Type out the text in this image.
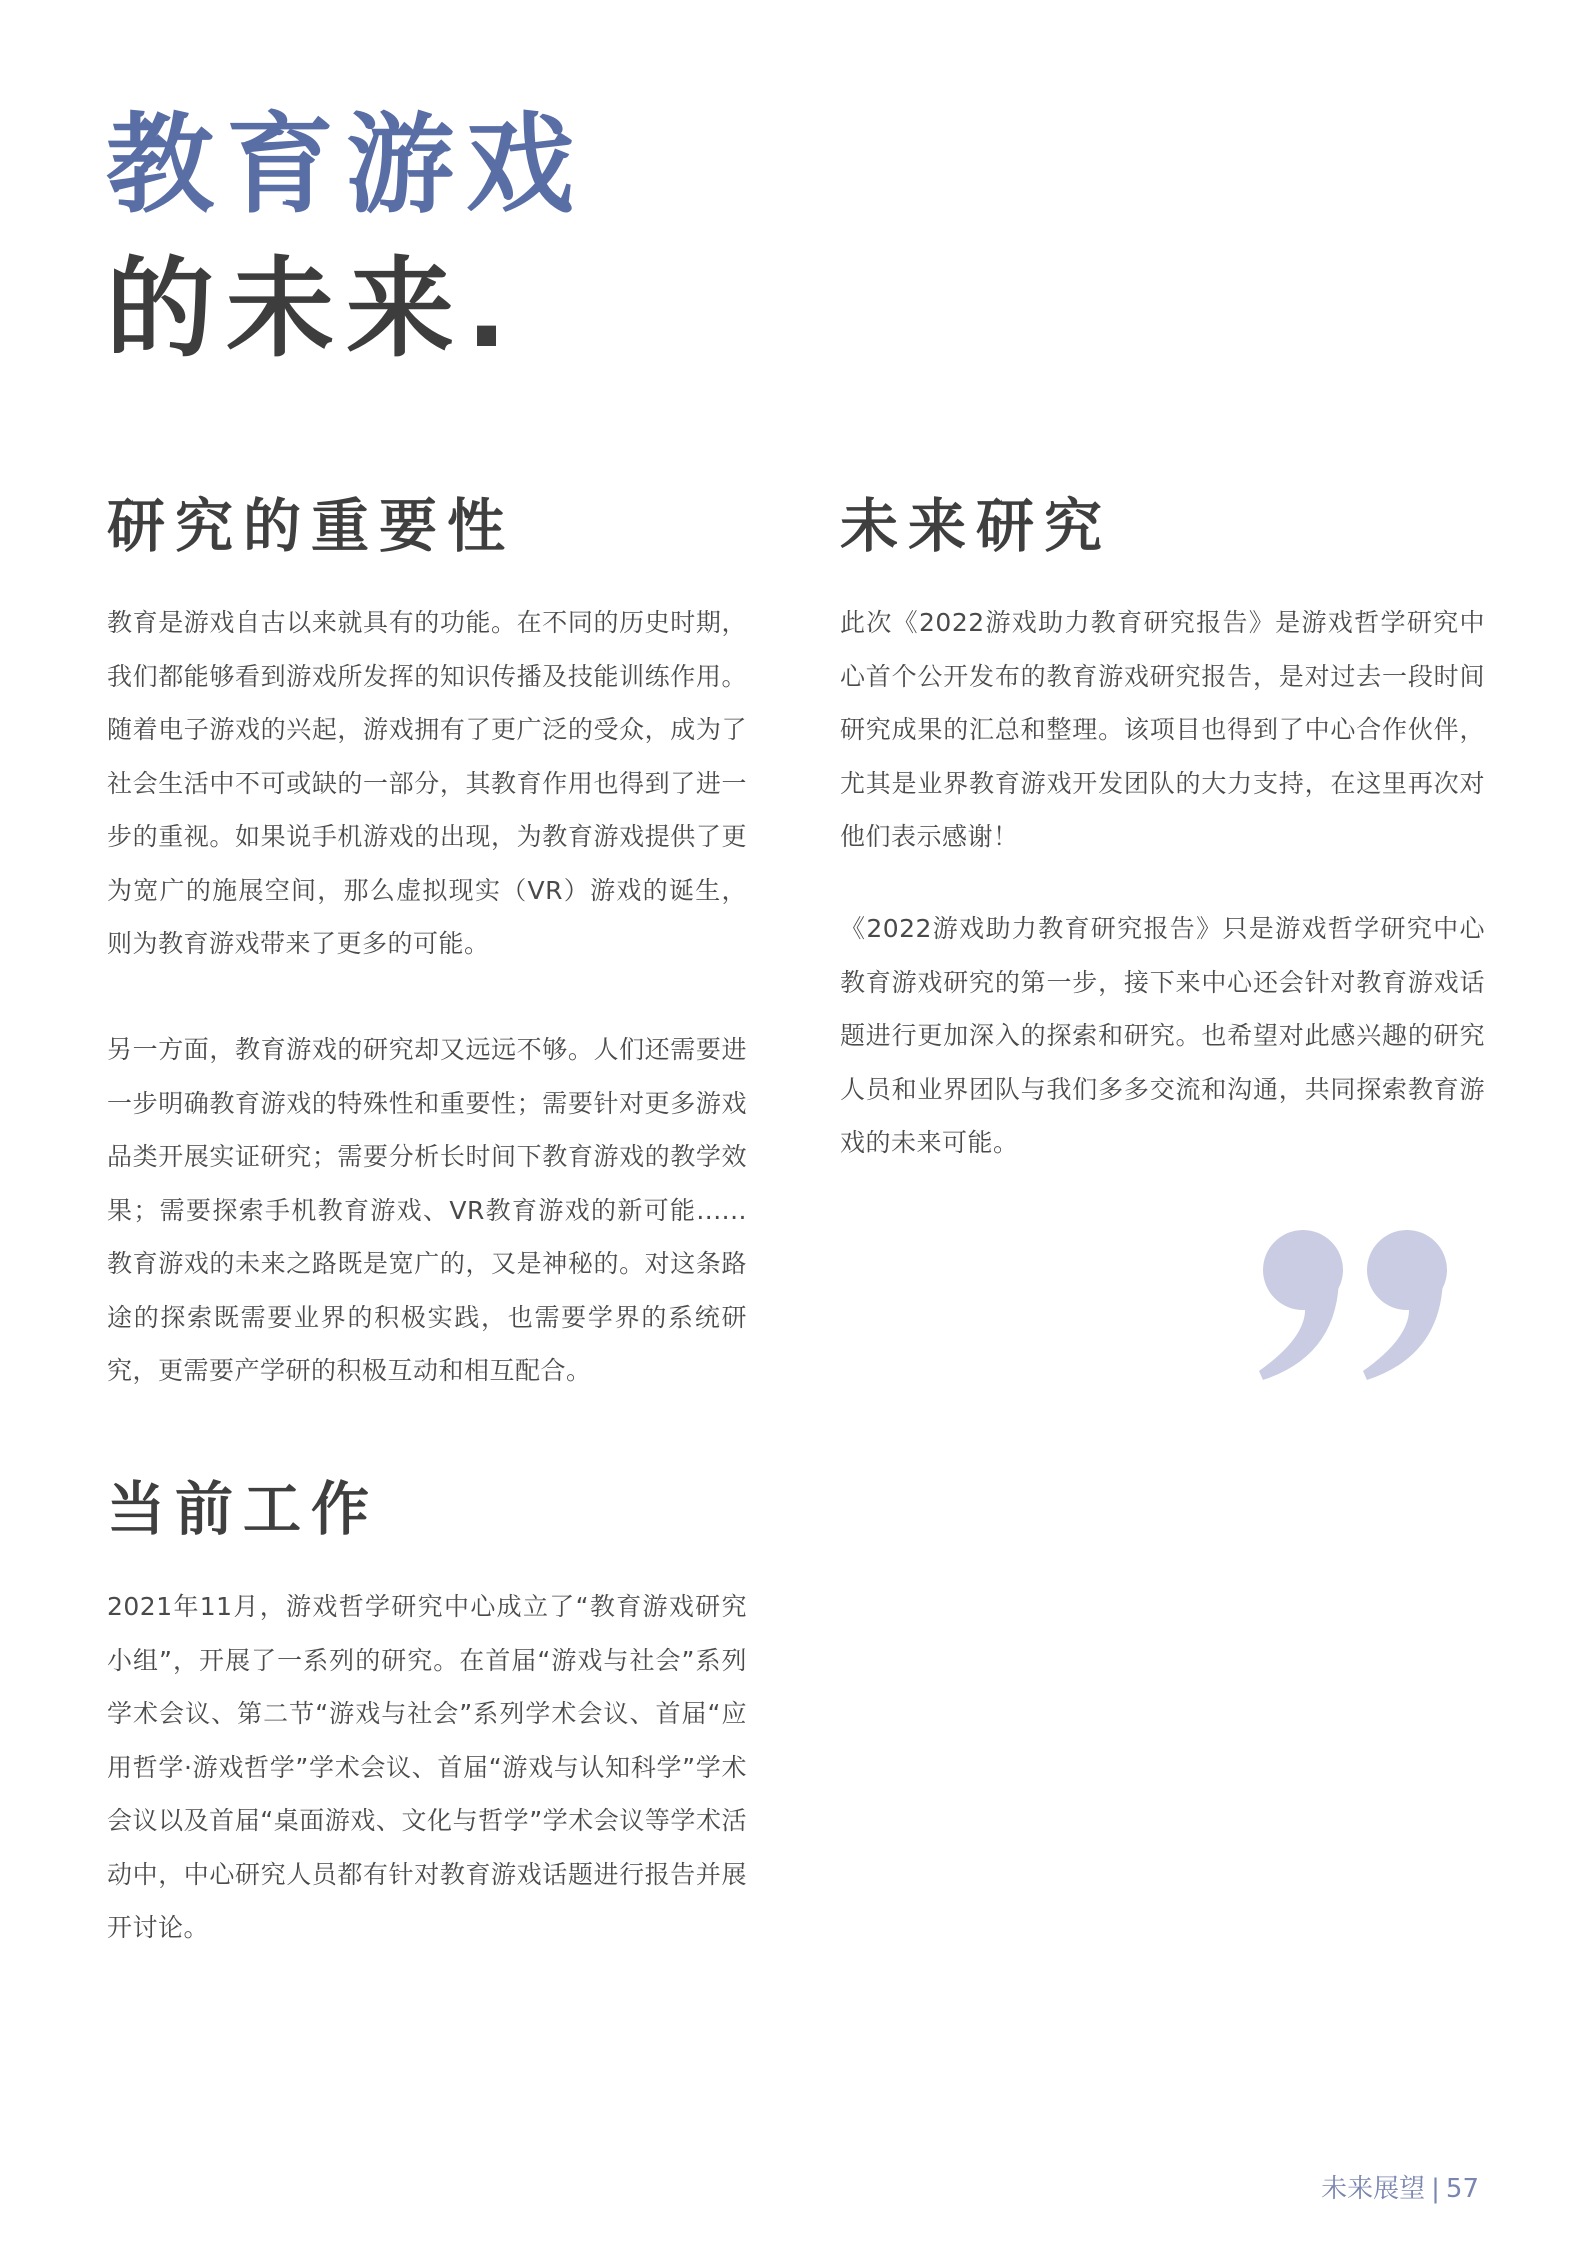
教育游戏
的未来.
研究的重要性

教育是游戏自古以来就具有的功能。在不同的历史时期，我们都能够看到游戏所发挥的知识传播及技能训练作用。随着电子游戏的兴起，游戏拥有了更广泛的受众，成为了社会生活中不可或缺的一部分，其教育作用也得到了进一步的重视。如果说手机游戏的出现，为教育游戏提供了更为宽广的施展空间，那么虚拟现实（VR）游戏的诞生，则为教育游戏带来了更多的可能。

另一方面，教育游戏的研究却又远远不够。人们还需要进一步明确教育游戏的特殊性和重要性；需要针对更多游戏品类开展实证研究；需要分析长时间下教育游戏的教学效果；需要探索手机教育游戏、VR教育游戏的新可能......教育游戏的未来之路既是宽广的，又是神秘的。对这条路途的探索既需要业界的积极实践，也需要学界的系统研究，更需要产学研的积极互动和相互配合。

当前工作

2021年11月，游戏哲学研究中心成立了“教育游戏研究小组”，开展了一系列的研究。在首届“游戏与社会”系列学术会议、第二节“游戏与社会”系列学术会议、首届“应用哲学·游戏哲学”学术会议、首届“游戏与认知科学”学术会议以及首届“桌面游戏、文化与哲学”学术会议等学术活动中，中心研究人员都有针对教育游戏话题进行报告并展开讨论。

未来研究

此次《2022游戏助力教育研究报告》是游戏哲学研究中心首个公开发布的教育游戏研究报告，是对过去一段时间研究成果的汇总和整理。该项目也得到了中心合作伙伴，尤其是业界教育游戏开发团队的大力支持，在这里再次对他们表示感谢！

《2022游戏助力教育研究报告》只是游戏哲学研究中心教育游戏研究的第一步，接下来中心还会针对教育游戏话题进行更加深入的探索和研究。也希望对此感兴趣的研究人员和业界团队与我们多多交流和沟通，共同探索教育游戏的未来可能。

未来展望 | 57
